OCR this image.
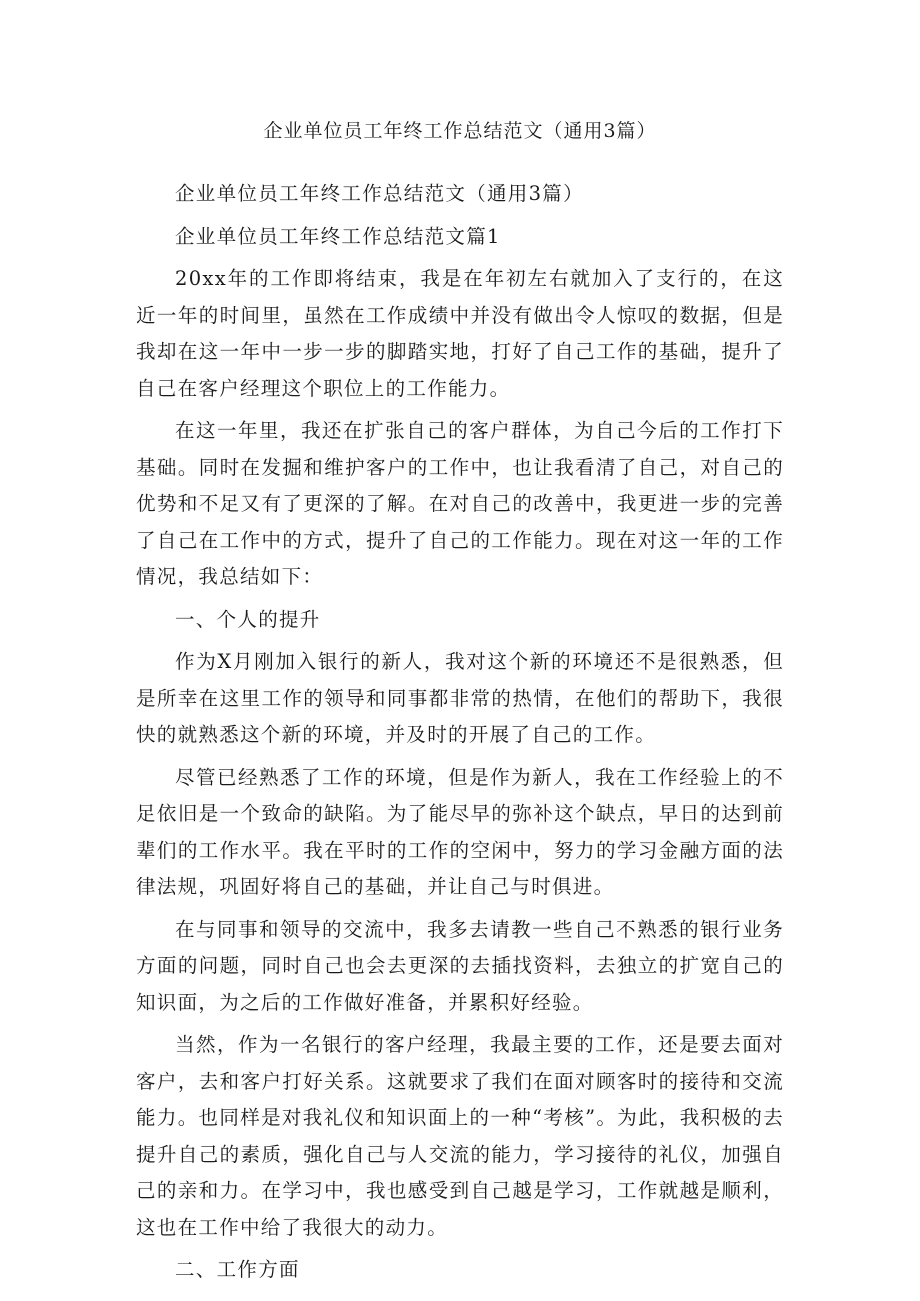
企业单位员工年终工作总结范文（通用3篇）

企业单位员工年终工作总结范文（通用3篇）

企业单位员工年终工作总结范文篇1

20xx年的工作即将结束，我是在年初左右就加入了支行的，在这近一年的时间里，虽然在工作成绩中并没有做出令人惊叹的数据，但是我却在这一年中一步一步的脚踏实地，打好了自己工作的基础，提升了自己在客户经理这个职位上的工作能力。

在这一年里，我还在扩张自己的客户群体，为自己今后的工作打下基础。同时在发掘和维护客户的工作中，也让我看清了自己，对自己的优势和不足又有了更深的了解。在对自己的改善中，我更进一步的完善了自己在工作中的方式，提升了自己的工作能力。现在对这一年的工作情况，我总结如下：

一、个人的提升

作为X月刚加入银行的新人，我对这个新的环境还不是很熟悉，但是所幸在这里工作的领导和同事都非常的热情，在他们的帮助下，我很快的就熟悉这个新的环境，并及时的开展了自己的工作。

尽管已经熟悉了工作的环境，但是作为新人，我在工作经验上的不足依旧是一个致命的缺陷。为了能尽早的弥补这个缺点，早日的达到前辈们的工作水平。我在平时的工作的空闲中，努力的学习金融方面的法律法规，巩固好将自己的基础，并让自己与时俱进。

在与同事和领导的交流中，我多去请教一些自己不熟悉的银行业务方面的问题，同时自己也会去更深的去插找资料，去独立的扩宽自己的知识面，为之后的工作做好准备，并累积好经验。

当然，作为一名银行的客户经理，我最主要的工作，还是要去面对客户，去和客户打好关系。这就要求了我们在面对顾客时的接待和交流能力。也同样是对我礼仪和知识面上的一种“考核”。为此，我积极的去提升自己的素质，强化自己与人交流的能力，学习接待的礼仪，加强自己的亲和力。在学习中，我也感受到自己越是学习，工作就越是顺利，这也在工作中给了我很大的动力。

二、工作方面
